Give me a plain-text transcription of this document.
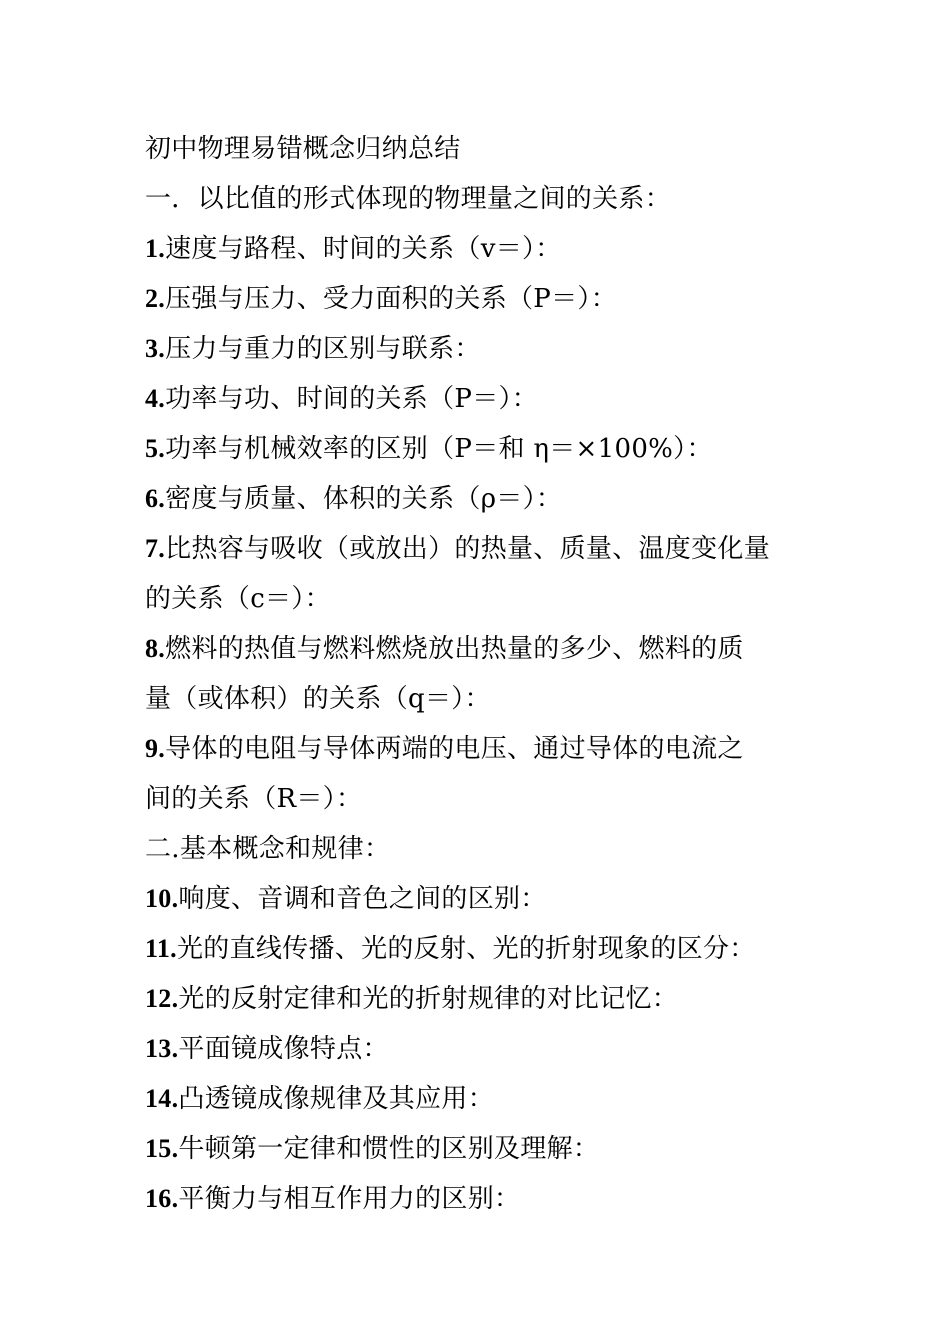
初中物理易错概念归纳总结

一．以比值的形式体现的物理量之间的关系：

1.速度与路程、时间的关系（v＝）：

2.压强与压力、受力面积的关系（P＝）：

3.压力与重力的区别与联系：

4.功率与功、时间的关系（P＝）：

5.功率与机械效率的区别（P＝和 η＝×100%）：

6.密度与质量、体积的关系（ρ＝）：

7.比热容与吸收（或放出）的热量、质量、温度变化量

的关系（c＝）：

8.燃料的热值与燃料燃烧放出热量的多少、燃料的质

量（或体积）的关系（q＝）：

9.导体的电阻与导体两端的电压、通过导体的电流之

间的关系（R＝）：

二.基本概念和规律：

10.响度、音调和音色之间的区别：

11.光的直线传播、光的反射、光的折射现象的区分：

12.光的反射定律和光的折射规律的对比记忆：

13.平面镜成像特点：

14.凸透镜成像规律及其应用：

15.牛顿第一定律和惯性的区别及理解：

16.平衡力与相互作用力的区别：
